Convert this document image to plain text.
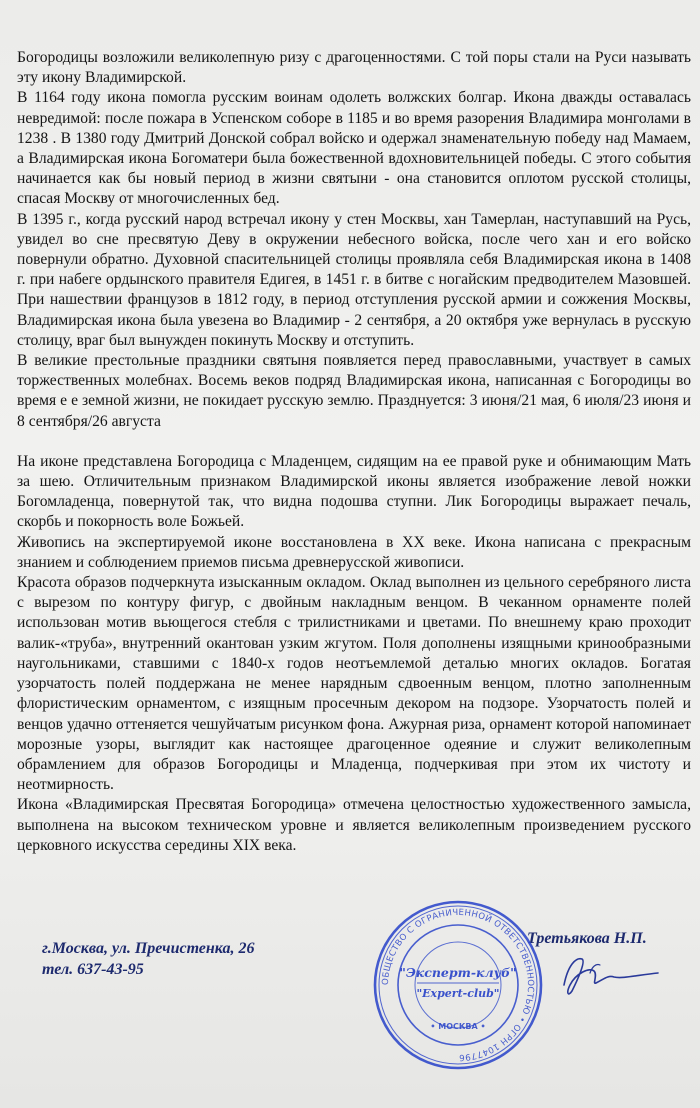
Богородицы возложили великолепную ризу с драгоценностями. С той поры стали на Руси называть эту икону Владимирской.

В 1164 году икона помогла русским воинам одолеть волжских болгар. Икона дважды оставалась невредимой: после пожара в Успенском соборе в 1185 и во время разорения Владимира монголами в 1238 . В 1380 году Дмитрий Донской собрал войско и одержал знаменательную победу над Мамаем, а Владимирская икона Богоматери была божественной вдохновительницей победы. С этого события начинается как бы новый период в жизни святыни - она становится оплотом русской столицы, спасая Москву от многочисленных бед.

В 1395 г., когда русский народ встречал икону у стен Москвы, хан Тамерлан, наступавший на Русь, увидел во сне пресвятую Деву в окружении небесного войска, после чего хан и его войско повернули обратно. Духовной спасительницей столицы проявляла себя Владимирская икона в 1408 г. при набеге ордынского правителя Едигея, в 1451 г. в битве с ногайским предводителем Мазовшей. При нашествии французов в 1812 году, в период отступления русской армии и сожжения Москвы, Владимирская икона была увезена во Владимир - 2 сентября, а 20 октября уже вернулась в русскую столицу, враг был вынужден покинуть Москву и отступить.

В великие престольные праздники святыня появляется перед православными, участвует в самых торжественных молебнах. Восемь веков подряд Владимирская икона, написанная с Богородицы во время е е земной жизни, не покидает русскую землю. Празднуется: 3 июня/21 мая, 6 июля/23 июня и 8 сентября/26 августа

На иконе представлена Богородица с Младенцем, сидящим на ее правой руке и обнимающим Мать за шею. Отличительным признаком Владимирской иконы является изображение левой ножки Богомладенца, повернутой так, что видна подошва ступни. Лик Богородицы выражает печаль, скорбь и покорность воле Божьей.

Живопись на экспертируемой иконе восстановлена в XX веке. Икона написана с прекрасным знанием и соблюдением приемов письма древнерусской живописи.

Красота образов подчеркнута изысканным окладом. Оклад выполнен из цельного серебряного листа с вырезом по контуру фигур, с двойным накладным венцом. В чеканном орнаменте полей использован мотив вьющегося стебля с трилистниками и цветами. По внешнему краю проходит валик-«труба», внутренний окантован узким жгутом. Поля дополнены изящными кринообразными наугольниками, ставшими с 1840-х годов неотъемлемой деталью многих окладов. Богатая узорчатость полей поддержана не менее нарядным сдвоенным венцом, плотно заполненным флористическим орнаментом, с изящным просечным декором на подзоре. Узорчатость полей и венцов удачно оттеняется чешуйчатым рисунком фона. Ажурная риза, орнамент которой напоминает морозные узоры, выглядит как настоящее драгоценное одеяние и служит великолепным обрамлением для образов Богородицы и Младенца, подчеркивая при этом их чистоту и неотмирность.

Икона «Владимирская Пресвятая Богородица» отмечена целостностью художественного замысла, выполнена на высоком техническом уровне и является великолепным произведением русского церковного искусства середины XIX века.

г.Москва, ул. Пречистенка, 26
тел. 637-43-95
Третьякова Н.П.
ОБЩЕСТВО С ОГРАНИЧЕННОЙ ОТВЕТСТВЕННОСТЬЮ • ОГРН 1047796
"Эксперт-клуб"
"Expert-club"
• МОСКВА •
